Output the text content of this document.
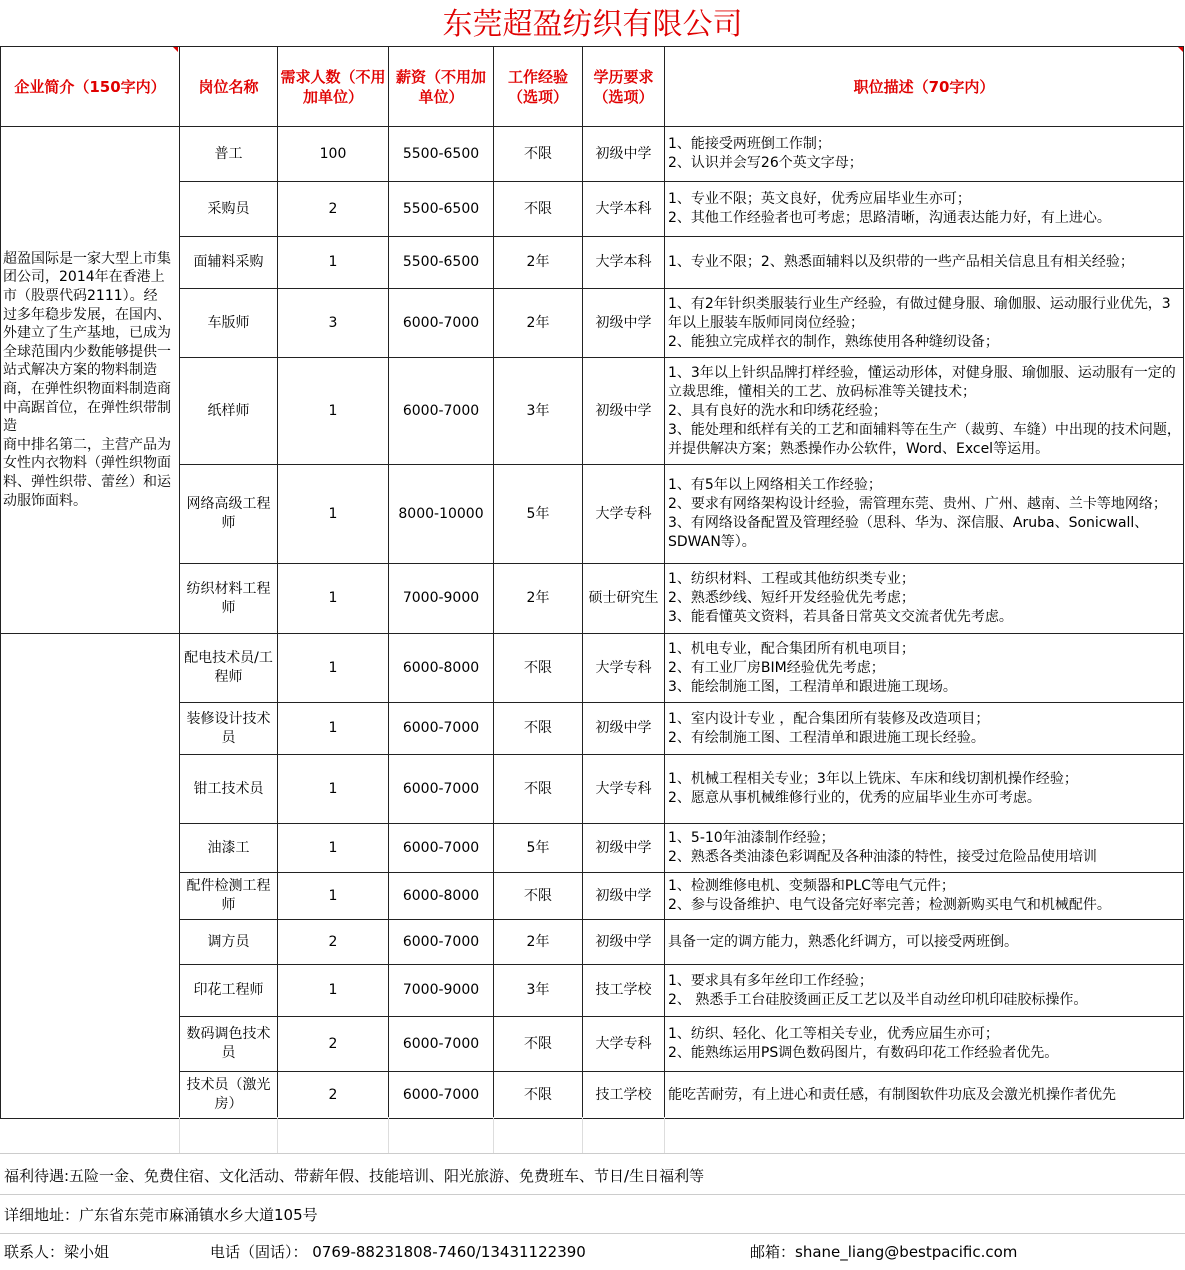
东莞超盈纺织有限公司
企业简介（150字内）	岗位名称	需求人数（不用加单位）	薪资（不用加单位）	工作经验（选项）	学历要求（选项）	职位描述（70字内）
超盈国际是一家大型上市集团公司，2014年在香港上市（股票代码2111）。经
过多年稳步发展，在国内、外建立了生产基地，已成为全球范围内少数能够提供一
站式解决方案的物料制造商，在弹性织物面料制造商中高踞首位，在弹性织带制造
商中排名第二，主营产品为女性内衣物料（弹性织物面料、弹性织带、蕾丝）和运
动服饰面料。	普工	100	5500-6500	不限	初级中学	1、能接受两班倒工作制；
2、认识并会写26个英文字母；
	采购员	2	5500-6500	不限	大学本科	1、专业不限；英文良好，优秀应届毕业生亦可；
2、其他工作经验者也可考虑；思路清晰，沟通表达能力好，有上进心。
	面辅料采购	1	5500-6500	2年	大学本科	1、专业不限；2、熟悉面辅料以及织带的一些产品相关信息且有相关经验；
	车版师	3	6000-7000	2年	初级中学	1、有2年针织类服装行业生产经验，有做过健身服、瑜伽服、运动服行业优先，3年以上服装车版师同岗位经验；
2、能独立完成样衣的制作，熟练使用各种缝纫设备；
	纸样师	1	6000-7000	3年	初级中学	1、3年以上针织品牌打样经验，懂运动形体，对健身服、瑜伽服、运动服有一定的立裁思维，懂相关的工艺、放码标准等关键技术；
2、具有良好的洗水和印绣花经验；
3、能处理和纸样有关的工艺和面辅料等在生产（裁剪、车缝）中出现的技术问题，并提供解决方案；熟悉操作办公软件，Word、Excel等运用。
	网络高级工程师	1	8000-10000	5年	大学专科	1、有5年以上网络相关工作经验；
2、要求有网络架构设计经验，需管理东莞、贵州、广州、越南、兰卡等地网络；
3、有网络设备配置及管理经验（思科、华为、深信服、Aruba、Sonicwall、SDWAN等）。
	纺织材料工程师	1	7000-9000	2年	硕士研究生	1、纺织材料、工程或其他纺织类专业；
2、熟悉纱线、短纤开发经验优先考虑；
3、能看懂英文资料，若具备日常英文交流者优先考虑。
	配电技术员/工程师	1	6000-8000	不限	大学专科	1、机电专业，配合集团所有机电项目；
2、有工业厂房BIM经验优先考虑；
3、能绘制施工图，工程清单和跟进施工现场。
	装修设计技术员	1	6000-7000	不限	初级中学	1、室内设计专业 ，配合集团所有装修及改造项目；
2、有绘制施工图、工程清单和跟进施工现长经验。
	钳工技术员	1	6000-7000	不限	大学专科	1、机械工程相关专业；3年以上铣床、车床和线切割机操作经验；
2、愿意从事机械维修行业的，优秀的应届毕业生亦可考虑。
	油漆工	1	6000-7000	5年	初级中学	1、5-10年油漆制作经验；
2、熟悉各类油漆色彩调配及各种油漆的特性，接受过危险品使用培训
	配件检测工程师	1	6000-8000	不限	初级中学	1、检测维修电机、变频器和PLC等电气元件；
2、参与设备维护、电气设备完好率完善；检测新购买电气和机械配件。
	调方员	2	6000-7000	2年	初级中学	具备一定的调方能力，熟悉化纤调方，可以接受两班倒。
	印花工程师	1	7000-9000	3年	技工学校	1、要求具有多年丝印工作经验；
2、 熟悉手工台硅胶烫画正反工艺以及半自动丝印机印硅胶标操作。
	数码调色技术员	2	6000-7000	不限	大学专科	1、纺织、轻化、化工等相关专业，优秀应届生亦可；
2、能熟练运用PS调色数码图片，有数码印花工作经验者优先。
	技术员（激光房）	2	6000-7000	不限	技工学校	能吃苦耐劳，有上进心和责任感，有制图软件功底及会激光机操作者优先
福利待遇:五险一金、免费住宿、文化活动、带薪年假、技能培训、阳光旅游、免费班车、节日/生日福利等
详细地址：广东省东莞市麻涌镇水乡大道105号
联系人：梁小姐	电话（固话）： 0769-88231808-7460/13431122390	邮箱：shane_liang@bestpacific.com
